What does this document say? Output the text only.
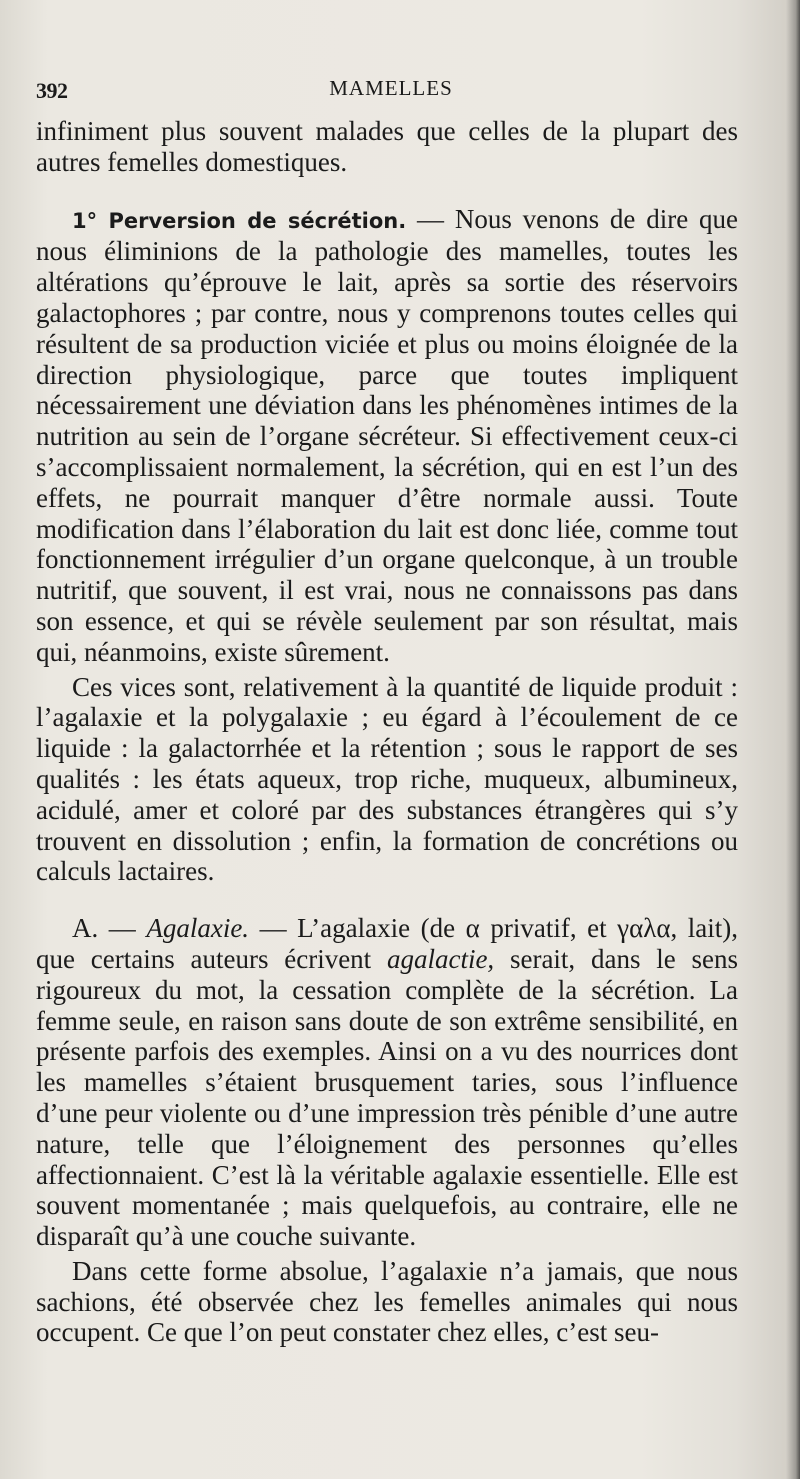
392	MAMELLES

infiniment plus souvent malades que celles de la plupart des autres femelles domestiques.

1° Perversion de sécrétion. — Nous venons de dire que nous éliminions de la pathologie des mamelles, toutes les altérations qu’éprouve le lait, après sa sortie des réservoirs galactophores ; par contre, nous y comprenons toutes celles qui résultent de sa production viciée et plus ou moins éloignée de la direction physiologique, parce que toutes impliquent nécessairement une déviation dans les phénomènes intimes de la nutrition au sein de l’organe sécréteur. Si effectivement ceux-ci s’accomplissaient normalement, la sécrétion, qui en est l’un des effets, ne pourrait manquer d’être normale aussi. Toute modification dans l’élaboration du lait est donc liée, comme tout fonctionnement irrégulier d’un organe quelconque, à un trouble nutritif, que souvent, il est vrai, nous ne connaissons pas dans son essence, et qui se révèle seulement par son résultat, mais qui, néanmoins, existe sûrement.

Ces vices sont, relativement à la quantité de liquide produit : l’agalaxie et la polygalaxie ; eu égard à l’écoulement de ce liquide : la galactorrhée et la rétention ; sous le rapport de ses qualités : les états aqueux, trop riche, muqueux, albumineux, acidulé, amer et coloré par des substances étrangères qui s’y trouvent en dissolution ; enfin, la formation de concrétions ou calculs lactaires.

A. — Agalaxie. — L’agalaxie (de α privatif, et γαλα, lait), que certains auteurs écrivent agalactie, serait, dans le sens rigoureux du mot, la cessation complète de la sécrétion. La femme seule, en raison sans doute de son extrême sensibilité, en présente parfois des exemples. Ainsi on a vu des nourrices dont les mamelles s’étaient brusquement taries, sous l’influence d’une peur violente ou d’une impression très pénible d’une autre nature, telle que l’éloignement des personnes qu’elles affectionnaient. C’est là la véritable agalaxie essentielle. Elle est souvent momentanée ; mais quelquefois, au contraire, elle ne disparaît qu’à une couche suivante.

Dans cette forme absolue, l’agalaxie n’a jamais, que nous sachions, été observée chez les femelles animales qui nous occupent. Ce que l’on peut constater chez elles, c’est seu-
